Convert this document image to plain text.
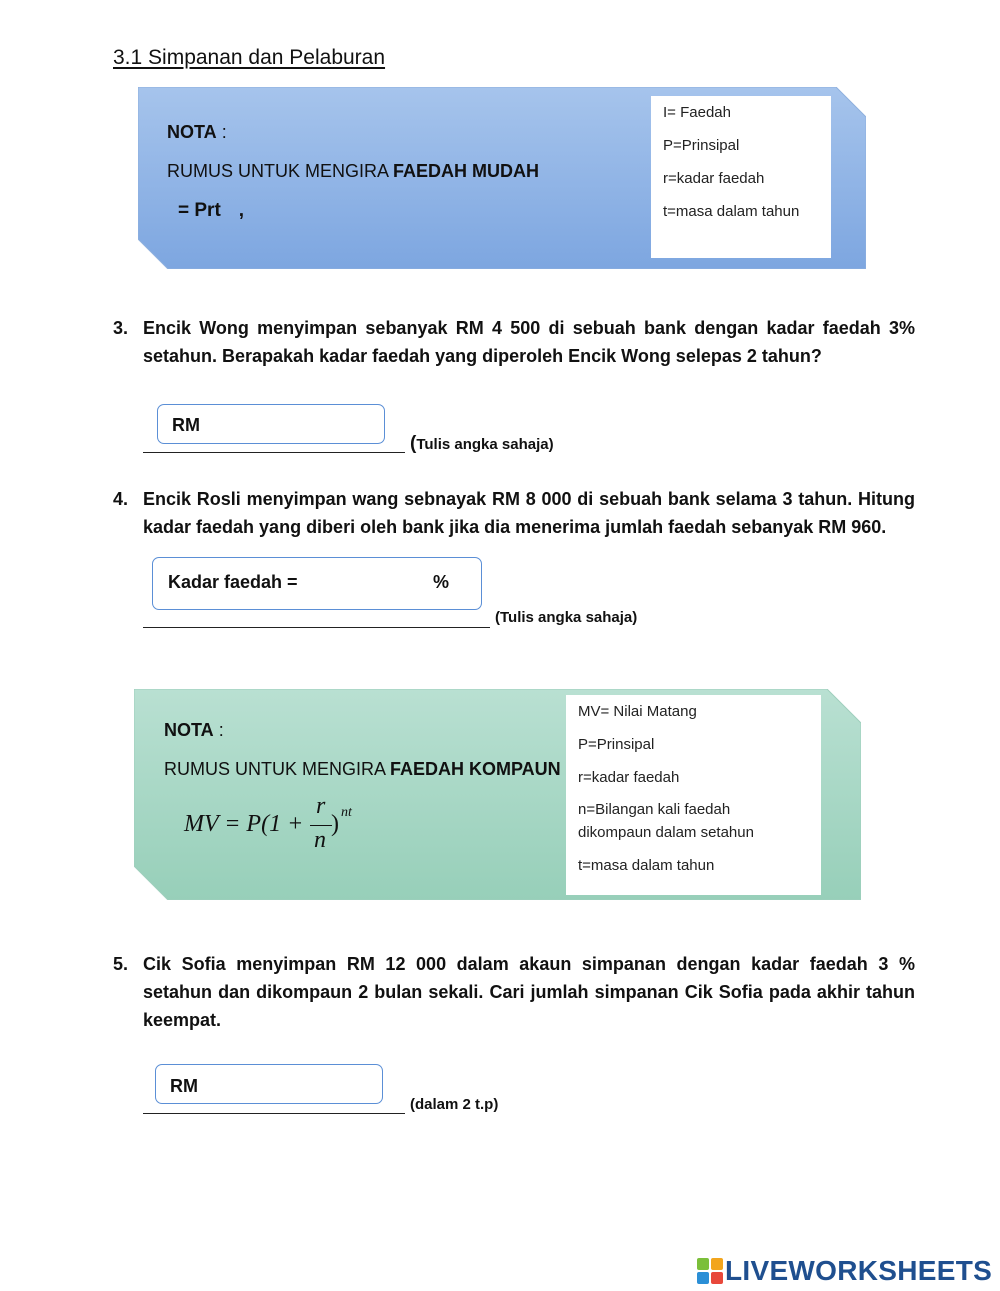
3.1 Simpanan dan Pelaburan
NOTA :
RUMUS UNTUK MENGIRA FAEDAH MUDAH
= Prt ,
I= Faedah
P=Prinsipal
r=kadar faedah
t=masa dalam tahun
3. Encik Wong menyimpan sebanyak RM 4 500 di sebuah bank dengan kadar faedah 3% setahun. Berapakah kadar faedah yang diperoleh Encik Wong selepas 2 tahun?
RM
(Tulis angka sahaja)
4. Encik Rosli menyimpan wang sebnayak RM 8 000 di sebuah bank selama 3 tahun. Hitung kadar faedah yang diberi oleh bank jika dia menerima jumlah faedah sebanyak RM 960.
Kadar faedah =	%
(Tulis angka sahaja)
NOTA :
RUMUS UNTUK MENGIRA FAEDAH KOMPAUN
MV = P(1 +
r
n
) nt
MV= Nilai Matang
P=Prinsipal
r=kadar faedah
n=Bilangan kali faedah
dikompaun dalam setahun
t=masa dalam tahun
5. Cik Sofia menyimpan RM 12 000 dalam akaun simpanan dengan kadar faedah 3 % setahun dan dikompaun 2 bulan sekali. Cari jumlah simpanan Cik Sofia pada akhir tahun keempat.
RM
(dalam 2 t.p)
LIVEWORKSHEETS
